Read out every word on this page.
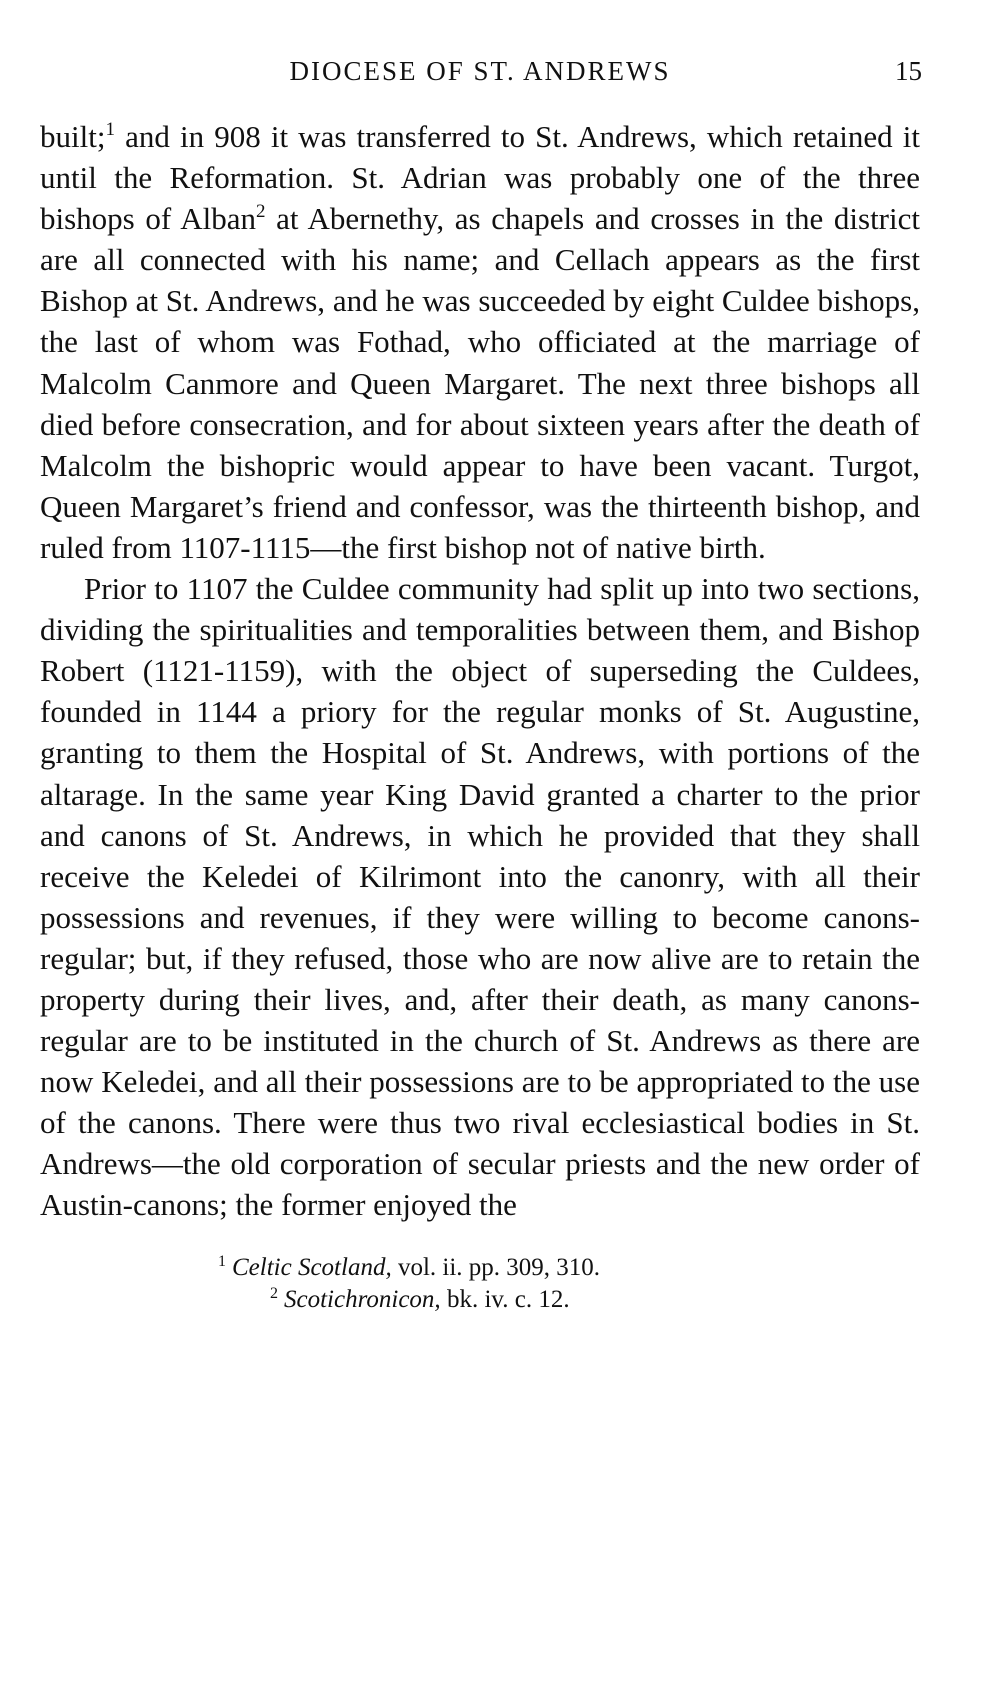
DIOCESE OF ST. ANDREWS	15

built;$^1$ and in 908 it was transferred to St. Andrews, which retained it until the Reformation. St. Adrian was probably one of the three bishops of Alban$^2$ at Abernethy, as chapels and crosses in the district are all connected with his name; and Cellach appears as the first Bishop at St. Andrews, and he was succeeded by eight Culdee bishops, the last of whom was Fothad, who officiated at the marriage of Malcolm Canmore and Queen Margaret. The next three bishops all died before consecration, and for about sixteen years after the death of Malcolm the bishopric would appear to have been vacant. Turgot, Queen Margaret’s friend and confessor, was the thirteenth bishop, and ruled from 1107-1115—the first bishop not of native birth.

Prior to 1107 the Culdee community had split up into two sections, dividing the spiritualities and temporalities between them, and Bishop Robert (1121-1159), with the object of superseding the Culdees, founded in 1144 a priory for the regular monks of St. Augustine, granting to them the Hospital of St. Andrews, with portions of the altarage. In the same year King David granted a charter to the prior and canons of St. Andrews, in which he provided that they shall receive the Keledei of Kilrimont into the canonry, with all their possessions and revenues, if they were willing to become canons-regular; but, if they refused, those who are now alive are to retain the property during their lives, and, after their death, as many canons-regular are to be instituted in the church of St. Andrews as there are now Keledei, and all their possessions are to be appropriated to the use of the canons. There were thus two rival ecclesiastical bodies in St. Andrews—the old corporation of secular priests and the new order of Austin-canons; the former enjoyed the

$^1$ Celtic Scotland, vol. ii. pp. 309, 310.

$^2$ Scotichronicon, bk. iv. c. 12.
